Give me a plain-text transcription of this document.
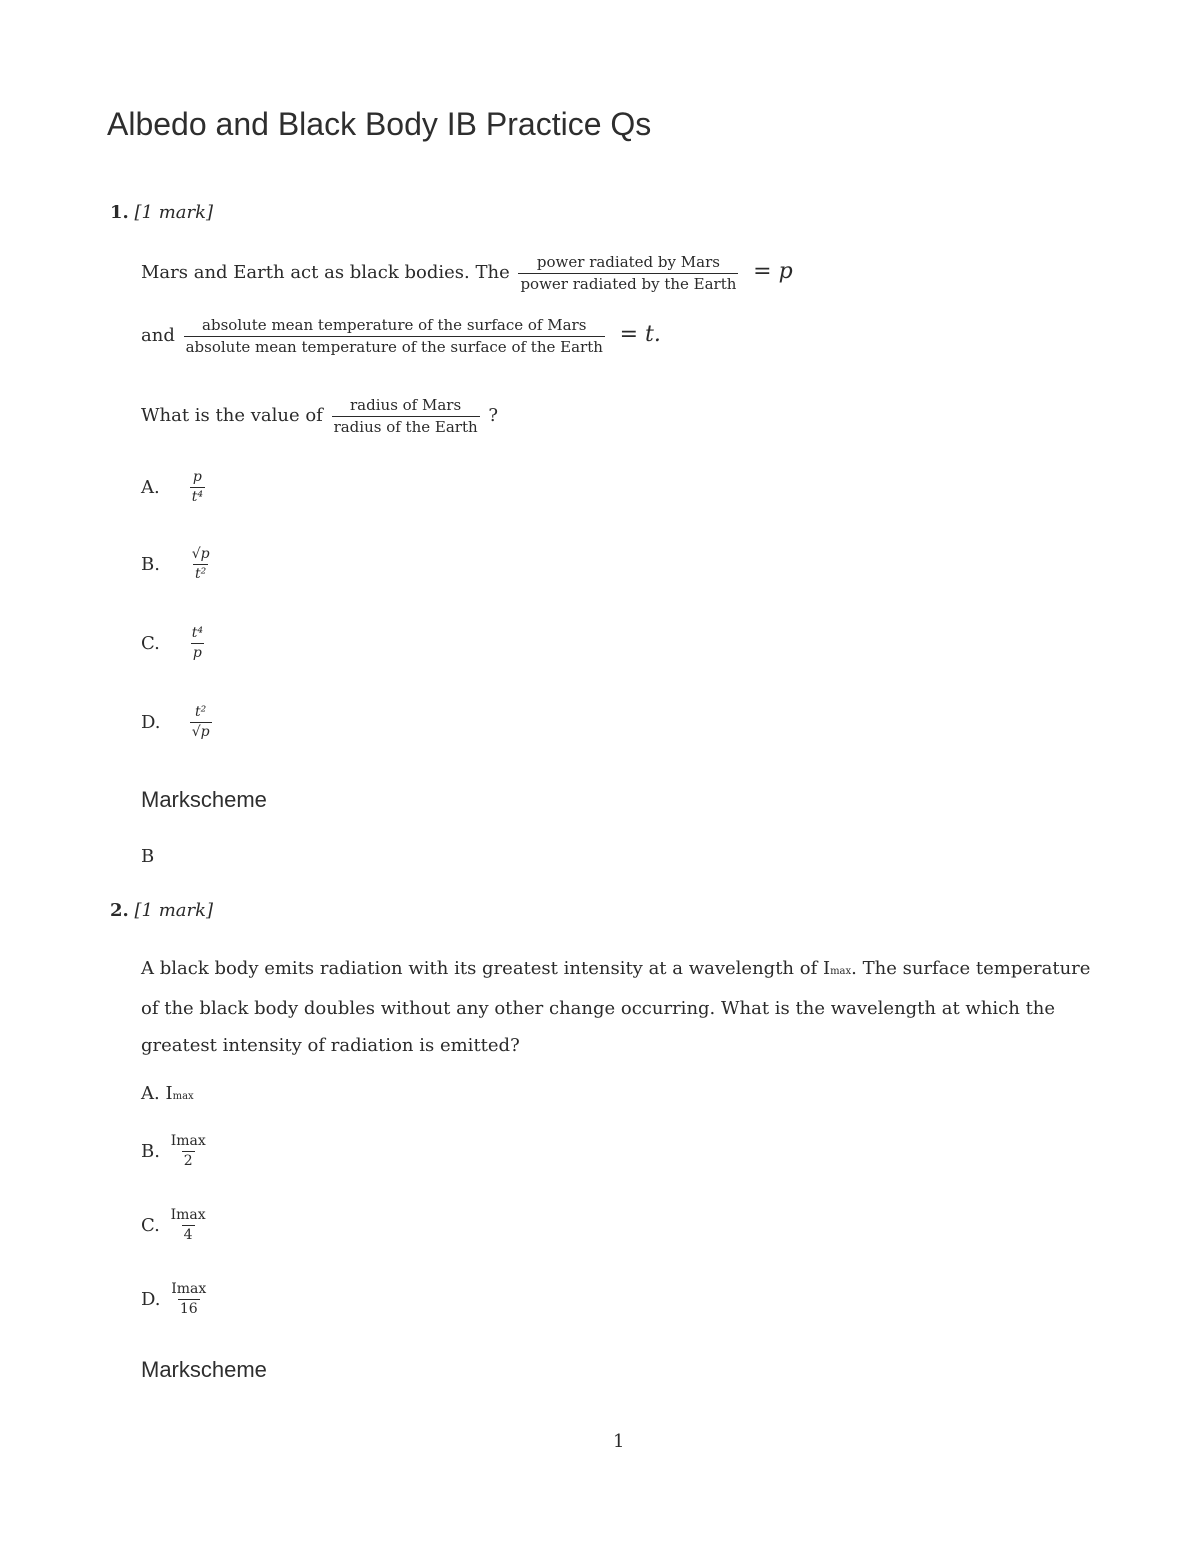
Albedo and Black Body IB Practice Qs
1. [1 mark]
Mars and Earth act as black bodies. The $\frac{\text{power radiated by Mars}}{\text{power radiated by the Earth}} = p$
and $\frac{\text{absolute mean temperature of the surface of Mars}}{\text{absolute mean temperature of the surface of the Earth}} = t$.
What is the value of $\frac{\text{radius of Mars}}{\text{radius of the Earth}}$ ?
A. $\frac{p}{\text{t⁴}}$
B. $\frac{√p}{\text{t²}}$
C. $\frac{\text{t⁴}}{p}$
D. $\frac{\text{t²}}{√p}$
Markscheme
B
2. [1 mark]
A black body emits radiation with its greatest intensity at a wavelength of Imax. The surface temperature of the black body doubles without any other change occurring. What is the wavelength at which the greatest intensity of radiation is emitted?
A. Imax
B. $\frac{Imax}{2}$
C. $\frac{Imax}{4}$
D. $\frac{Imax}{16}$
Markscheme
1
